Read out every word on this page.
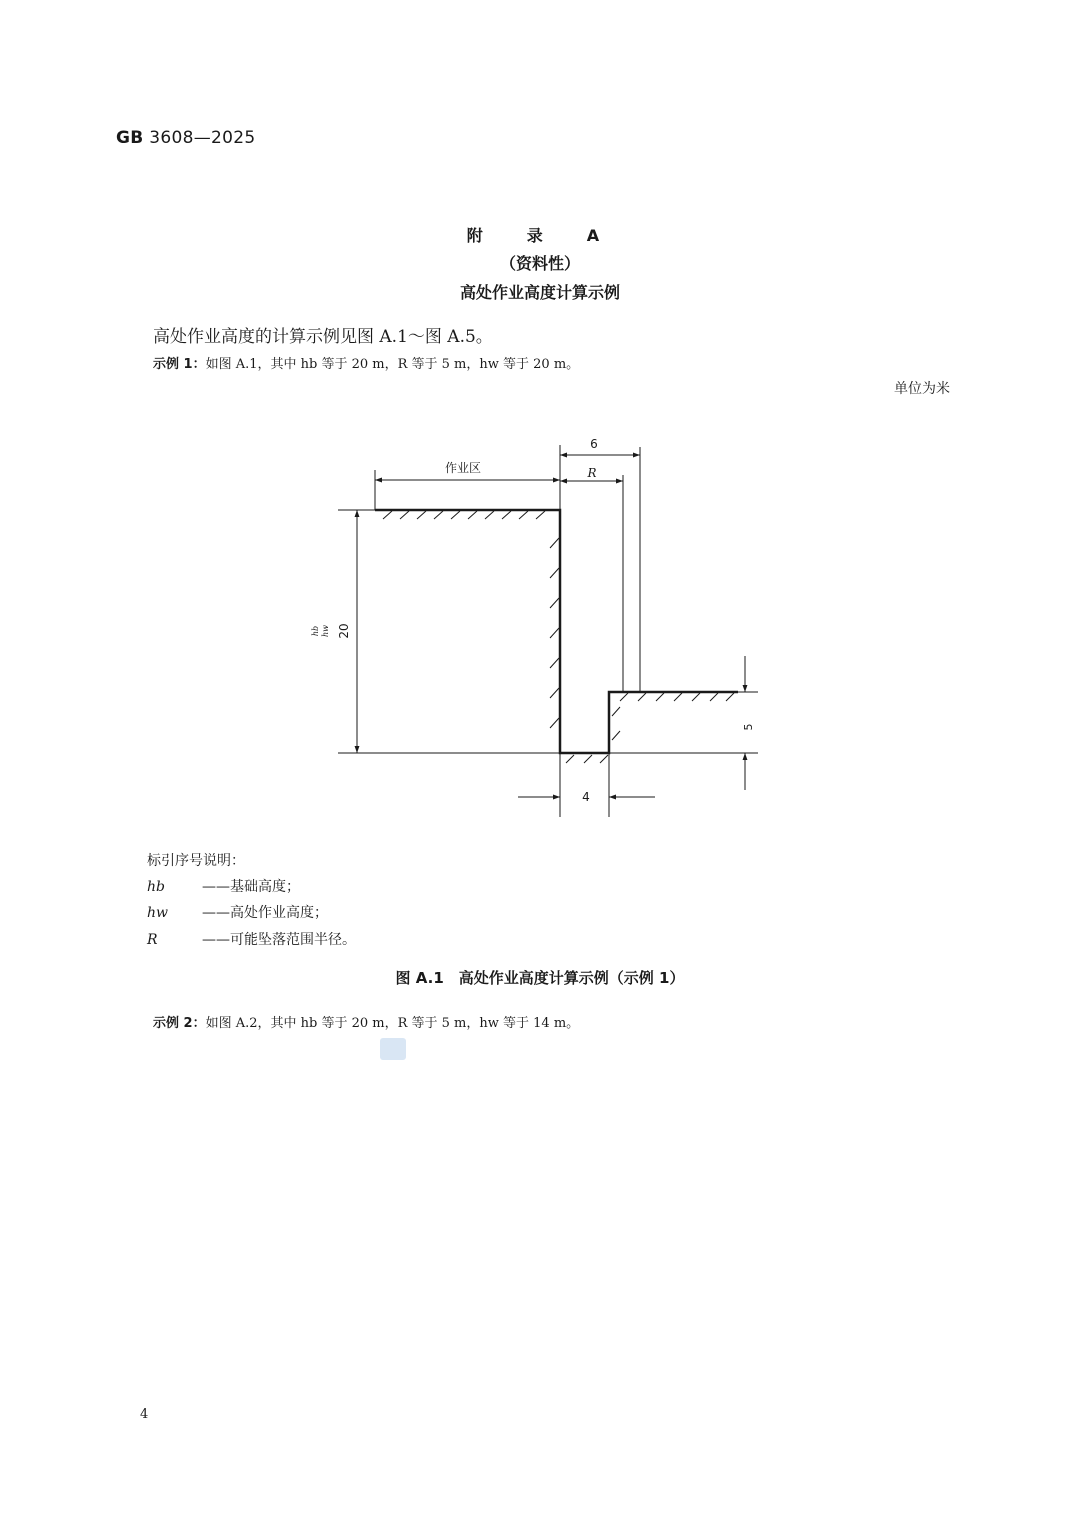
GB 3608—2025
附　录　A
（资料性）
高处作业高度计算示例
高处作业高度的计算示例见图 A.1～图 A.5。
示例 1：如图 A.1，其中 hb 等于 20 m，R 等于 5 m，hw 等于 20 m。
单位为米
作业区
6
R
20
hb hw
5
4
标引序号说明：
hb	——基础高度；
hw ——高处作业高度；
R	——可能坠落范围半径。
图 A.1　高处作业高度计算示例（示例 1）
示例 2：如图 A.2，其中 hb 等于 20 m，R 等于 5 m，hw 等于 14 m。
4
